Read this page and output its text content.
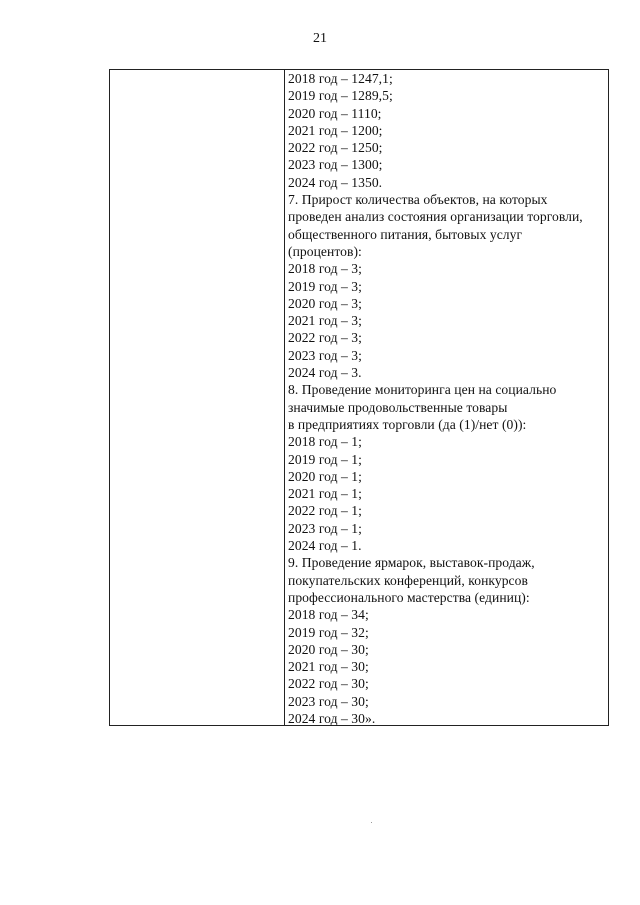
21
2018 год – 1247,1;
2019 год – 1289,5;
2020 год – 1110;
2021 год – 1200;
2022 год – 1250;
2023 год – 1300;
2024 год – 1350.
7. Прирост количества объектов, на которых
проведен анализ состояния организации торговли,
общественного питания, бытовых услуг
(процентов):
2018 год – 3;
2019 год – 3;
2020 год – 3;
2021 год – 3;
2022 год – 3;
2023 год – 3;
2024 год – 3.
8. Проведение мониторинга цен на социально
значимые продовольственные товары
в предприятиях торговли (да (1)/нет (0)):
2018 год – 1;
2019 год – 1;
2020 год – 1;
2021 год – 1;
2022 год – 1;
2023 год – 1;
2024 год – 1.
9. Проведение ярмарок, выставок-продаж,
покупательских конференций, конкурсов
профессионального мастерства (единиц):
2018 год – 34;
2019 год – 32;
2020 год – 30;
2021 год – 30;
2022 год – 30;
2023 год – 30;
2024 год – 30».
